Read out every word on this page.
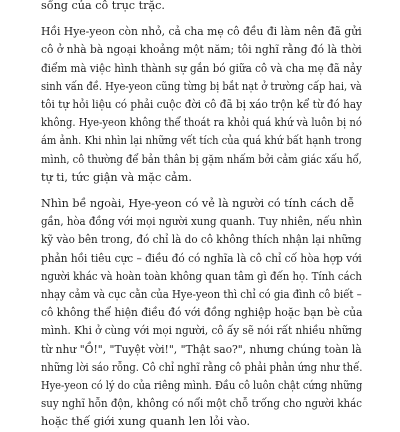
sống của cô trục trặc.
Hồi Hye-yeon còn nhỏ, cả cha mẹ cô đều đi làm nên đã gửi
cô ở nhà bà ngoại khoảng một năm; tôi nghĩ rằng đó là thời
điểm mà việc hình thành sự gắn bó giữa cô và cha mẹ đã nảy
sinh vấn đề. Hye-yeon cũng từng bị bắt nạt ở trường cấp hai, và
tôi tự hỏi liệu có phải cuộc đời cô đã bị xáo trộn kể từ đó hay
không. Hye-yeon không thể thoát ra khỏi quá khứ và luôn bị nó
ám ảnh. Khi nhìn lại những vết tích của quá khứ bất hạnh trong
mình, cô thường để bản thân bị gặm nhấm bởi cảm giác xấu hổ,
tự ti, tức giận và mặc cảm.
Nhìn bề ngoài, Hye-yeon có vẻ là người có tính cách dễ
gần, hòa đồng với mọi người xung quanh. Tuy nhiên, nếu nhìn
kỹ vào bên trong, đó chỉ là do cô không thích nhận lại những
phản hồi tiêu cực – điều đó có nghĩa là cô chỉ cố hòa hợp với
người khác và hoàn toàn không quan tâm gì đến họ. Tính cách
nhạy cảm và cục cằn của Hye-yeon thì chỉ có gia đình cô biết –
cô không thể hiện điều đó với đồng nghiệp hoặc bạn bè của
mình. Khi ở cùng với mọi người, cô ấy sẽ nói rất nhiều những
từ như "Ồ!", "Tuyệt vời!", "Thật sao?", nhưng chúng toàn là
những lời sáo rỗng. Cô chỉ nghĩ rằng cô phải phản ứng như thế.
Hye-yeon có lý do của riêng mình. Đầu cô luôn chật cứng những
suy nghĩ hỗn độn, không có nổi một chỗ trống cho người khác
hoặc thế giới xung quanh len lỏi vào.
